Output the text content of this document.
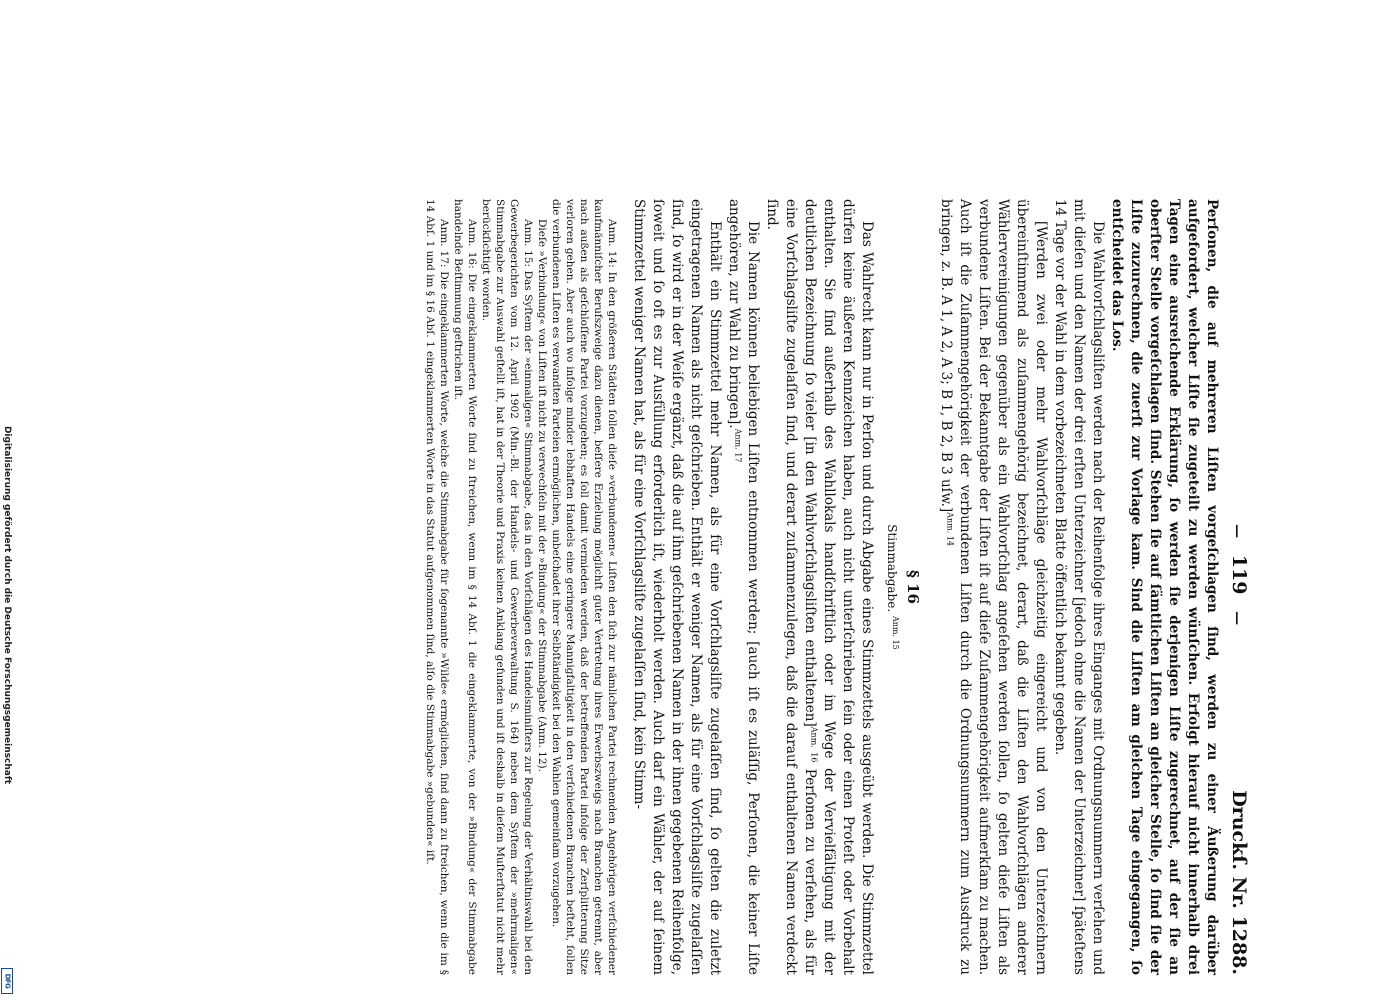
Digitalisierung gefördert durch die Deutsche Forschungsgemeinschaft
DFG
— 119 —
Druckſ. Nr. 1288.

Perſonen, die auf mehreren Liſten vorgeſchlagen ſind, werden zu einer Äußerung darüber aufgefordert, welcher Liſte ſie zugeteilt zu werden wünſchen. Erfolgt hierauf nicht innerhalb drei Tagen eine ausreichende Erklärung, ſo werden ſie derjenigen Liſte zugerechnet, auf der ſie an oberſter Stelle vorgeſchlagen ſind. Stehen ſie auf ſämtlichen Liſten an gleicher Stelle, ſo ſind ſie der Liſte zuzurechnen, die zuerſt zur Vorlage kam. Sind die Liſten am gleichen Tage eingegangen, ſo entſcheidet das Los.

Die Wahlvorſchlagsliſten werden nach der Reihenfolge ihres Einganges mit Ordnungsnummern verſehen und mit dieſen und den Namen der drei erſten Unterzeichner [jedoch ohne die Namen der Unterzeichner] ſpäteſtens 14 Tage vor der Wahl in dem vorbezeichneten Blatte öffentlich bekannt gegeben.

[Werden zwei oder mehr Wahlvorſchläge gleichzeitig eingereicht und von den Unterzeichnern übereinſtimmend als zuſammengehörig bezeichnet, derart, daß die Liſten den Wahlvorſchlägen anderer Wählervereinigungen gegenüber als ein Wahlvorſchlag angeſehen werden ſollen, ſo gelten dieſe Liſten als verbundene Liſten. Bei der Bekanntgabe der Liſten iſt auf dieſe Zuſammengehörigkeit aufmerkſam zu machen. Auch iſt die Zuſammengehörigkeit der verbundenen Liſten durch die Ordnungsnummern zum Ausdruck zu bringen, z. B. A 1, A 2, A 3; B 1, B 2, B 3 uſw.]$^{Anm. 14}$

§ 16
Stimmabgabe. $^{Anm. 15}$

Das Wahlrecht kann nur in Perſon und durch Abgabe eines Stimmzettels ausgeübt werden. Die Stimmzettel dürfen keine äußeren Kennzeichen haben, auch nicht unterſchrieben ſein oder einen Proteſt oder Vorbehalt enthalten. Sie ſind außerhalb des Wahllokals handſchriftlich oder im Wege der Vervielfältigung mit der deutlichen Bezeichnung ſo vieler [in den Wahlvorſchlagsliſten enthaltenen]$^{Anm. 16}$ Perſonen zu verſehen, als für eine Vorſchlagsliſte zugelaſſen ſind, und derart zuſammenzulegen, daß die darauf enthaltenen Namen verdeckt ſind.

Die Namen können beliebigen Liſten entnommen werden; [auch iſt es zuläſſig, Perſonen, die keiner Liſte angehören, zur Wahl zu bringen].$^{Anm. 17}$

Enthält ein Stimmzettel mehr Namen, als für eine Vorſchlagsliſte zugelaſſen ſind, ſo gelten die zuletzt eingetragenen Namen als nicht geſchrieben. Enthält er weniger Namen, als für eine Vorſchlagsliſte zugelaſſen ſind, ſo wird er in der Weiſe ergänzt, daß die auf ihm geſchriebenen Namen in der ihnen gegebenen Reihenfolge, ſoweit und ſo oft es zur Ausfüllung erforderlich iſt, wiederholt werden. Auch darf ein Wähler, der auf ſeinem Stimmzettel weniger Namen hat, als für eine Vorſchlagsliſte zugelaſſen ſind, kein Stimm-

Anm. 14: In den größeren Städten ſollen dieſe »verbundenen« Liſten den ſich zur nämlichen Partei rechnenden Angehörigen verſchiedener kaufmänniſcher Berufszweige dazu dienen, beſſere Erzielung möglichſt guter Vertretung ihres Erwerbszweigs nach Branchen getrennt, aber nach außen als geſchloſſene Partei vorzugehen; es ſoll damit vermieden werden, daß der betreffenden Partei infolge der Zerſplitterung Sitze verloren gehen. Aber auch wo infolge minder lebhaften Handels eine geringere Mannigfaltigkeit in den verſchiedenen Branchen beſteht, ſollen die verbundenen Liſten es verwandten Parteien ermöglichen, unbeſchadet ihrer Selbſtändigkeit bei den Wahlen gemeinſam vorzugehen.

Dieſe »Verbindung« von Liſten iſt nicht zu verwechſeln mit der »Bindung« der Stimmabgabe (Anm. 12).

Anm. 15: Das Syſtem der »einmaligen« Stimmabgabe, das in den Vorſchlägen des Handelsminiſters zur Regelung der Verhältniswahl bei den Gewerbegerichten vom 12. April 1902 (Min.-Bl. der Handels- und Gewerbeverwaltung S. 164) neben dem Syſtem der »mehrmaligen« Stimmabgabe zur Auswahl geſtellt iſt, hat in der Theorie und Praxis keinen Anklang gefunden und iſt deshalb in dieſem Muſterſtatut nicht mehr berückſichtigt worden.

Anm. 16: Die eingeklammerten Worte ſind zu ſtreichen, wenn im § 14 Abſ. 1 die eingeklammerte, von der »Bindung« der Stimmabgabe handelnde Beſtimmung geſtrichen iſt.

Anm. 17: Die eingeklammerten Worte, welche die Stimmabgabe für ſogenannte »Wilde« ermöglichen, ſind dann zu ſtreichen, wenn die im § 14 Abſ. 1 und im § 16 Abſ. 1 eingeklammerten Worte in das Statut aufgenommen ſind, alſo die Stimmabgabe »gebunden« iſt.
